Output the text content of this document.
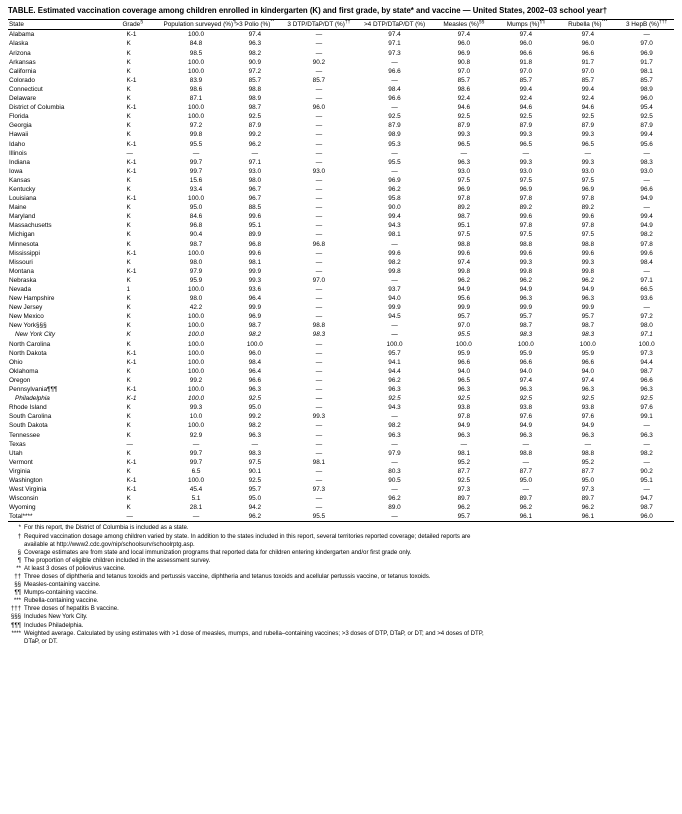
TABLE. Estimated vaccination coverage among children enrolled in kindergarten (K) and first grade, by state* and vaccine — United States, 2002–03 school year†
State	Grade§	Population surveyed (%)¶	>3 Polio (%)**	3 DTP/DTaP/DT (%)††	>4 DTP/DTaP/DT (%)	Measles (%)§§	Mumps (%)¶¶	Rubella (%)***	3 HepB (%)†††
Alabama	K-1	100.0	97.4	—	97.4	97.4	97.4	97.4	—
Alaska	K	84.8	96.3	—	97.1	96.0	96.0	96.0	97.0
Arizona	K	98.5	98.2	—	97.3	96.9	96.6	96.6	96.9
Arkansas	K	100.0	90.9	90.2	—	90.8	91.8	91.7	91.7
California	K	100.0	97.2	—	96.6	97.0	97.0	97.0	98.1
Colorado	K-1	83.9	85.7	85.7	—	85.7	85.7	85.7	85.7
Connecticut	K	98.6	98.8	—	98.4	98.6	99.4	99.4	98.9
Delaware	K	87.1	98.9	—	96.6	92.4	92.4	92.4	96.0
District of Columbia	K-1	100.0	98.7	96.0	—	94.6	94.6	94.6	95.4
Florida	K	100.0	92.5	—	92.5	92.5	92.5	92.5	92.5
Georgia	K	97.2	87.9	—	87.9	87.9	87.9	87.9	87.9
Hawaii	K	99.8	99.2	—	98.9	99.3	99.3	99.3	99.4
Idaho	K-1	95.5	96.2	—	95.3	96.5	96.5	96.5	95.6
Illinois	—	—	—	—	—	—	—	—	—
Indiana	K-1	99.7	97.1	—	95.5	96.3	99.3	99.3	98.3
Iowa	K-1	99.7	93.0	93.0	—	93.0	93.0	93.0	93.0
Kansas	K	15.6	98.0	—	96.9	97.5	97.5	97.5	—
Kentucky	K	93.4	96.7	—	96.2	96.9	96.9	96.9	96.6
Louisiana	K-1	100.0	96.7	—	95.8	97.8	97.8	97.8	94.9
Maine	K	95.0	88.5	—	90.0	89.2	89.2	89.2	—
Maryland	K	84.6	99.6	—	99.4	98.7	99.6	99.6	99.4
Massachusetts	K	96.8	95.1	—	94.3	95.1	97.8	97.8	94.9
Michigan	K	90.4	89.9	—	98.1	97.5	97.5	97.5	98.2
Minnesota	K	98.7	96.8	96.8	—	98.8	98.8	98.8	97.8
Mississippi	K-1	100.0	99.6	—	99.6	99.6	99.6	99.6	99.6
Missouri	K	98.0	98.1	—	98.2	97.4	99.3	99.3	98.4
Montana	K-1	97.9	99.9	—	99.8	99.8	99.8	99.8	—
Nebraska	K	95.9	99.3	97.0	—	96.2	96.2	96.2	97.1
Nevada	1	100.0	93.6	—	93.7	94.9	94.9	94.9	66.5
New Hampshire	K	98.0	96.4	—	94.0	95.6	96.3	96.3	93.6
New Jersey	K	42.2	99.9	—	99.9	99.9	99.9	99.9	—
New Mexico	K	100.0	96.9	—	94.5	95.7	95.7	95.7	97.2
New York§§§	K	100.0	98.7	98.8	—	97.0	98.7	98.7	98.0
New York City	K	100.0	98.2	98.3	—	95.5	98.3	98.3	97.1
North Carolina	K	100.0	100.0	—	100.0	100.0	100.0	100.0	100.0
North Dakota	K-1	100.0	96.0	—	95.7	95.9	95.9	95.9	97.3
Ohio	K-1	100.0	98.4	—	94.1	96.6	96.6	96.6	94.4
Oklahoma	K	100.0	96.4	—	94.4	94.0	94.0	94.0	98.7
Oregon	K	99.2	96.6	—	96.2	96.5	97.4	97.4	96.6
Pennsylvania¶¶¶	K-1	100.0	96.3	—	96.3	96.3	96.3	96.3	96.3
Philadelphia	K-1	100.0	92.5	—	92.5	92.5	92.5	92.5	92.5
Rhode Island	K	99.3	95.0	—	94.3	93.8	93.8	93.8	97.6
South Carolina	K	10.0	99.2	99.3	—	97.8	97.6	97.6	99.1
South Dakota	K	100.0	98.2	—	98.2	94.9	94.9	94.9	—
Tennessee	K	92.9	96.3	—	96.3	96.3	96.3	96.3	96.3
Texas	—	—	—	—	—	—	—	—	—
Utah	K	99.7	98.3	—	97.9	98.1	98.8	98.8	98.2
Vermont	K-1	99.7	97.5	98.1	—	95.2	—	95.2	—
Virginia	K	6.5	90.1	—	80.3	87.7	87.7	87.7	90.2
Washington	K-1	100.0	92.5	—	90.5	92.5	95.0	95.0	95.1
West Virginia	K-1	45.4	95.7	97.3	—	97.3	—	97.3	—
Wisconsin	K	5.1	95.0	—	96.2	89.7	89.7	89.7	94.7
Wyoming	K	28.1	94.2	—	89.0	96.2	96.2	96.2	98.7
Total****	—	—	96.2	95.5	—	95.7	96.1	96.1	96.0
* For this report, the District of Columbia is included as a state.
† Required vaccination dosage among children varied by state. In addition to the states included in this report, several territories reported coverage; detailed reports are
available at http://www2.cdc.gov/nip/schoolsurv/schoolrptg.asp.
§ Coverage estimates are from state and local immunization programs that reported data for children entering kindergarten and/or first grade only.
¶ The proportion of eligible children included in the assessment survey.
** At least 3 doses of poliovirus vaccine.
†† Three doses of diphtheria and tetanus toxoids and pertussis vaccine, diphtheria and tetanus toxoids and acellular pertussis vaccine, or tetanus toxoids.
§§ Measles-containing vaccine.
¶¶ Mumps-containing vaccine.
*** Rubella-containing vaccine.
††† Three doses of hepatitis B vaccine.
§§§ Includes New York City.
¶¶¶ Includes Philadelphia.
**** Weighted average. Calculated by using estimates with >1 dose of measles, mumps, and rubella–containing vaccines; >3 doses of DTP, DTaP, or DT; and >4 doses of DTP,
DTaP, or DT.
